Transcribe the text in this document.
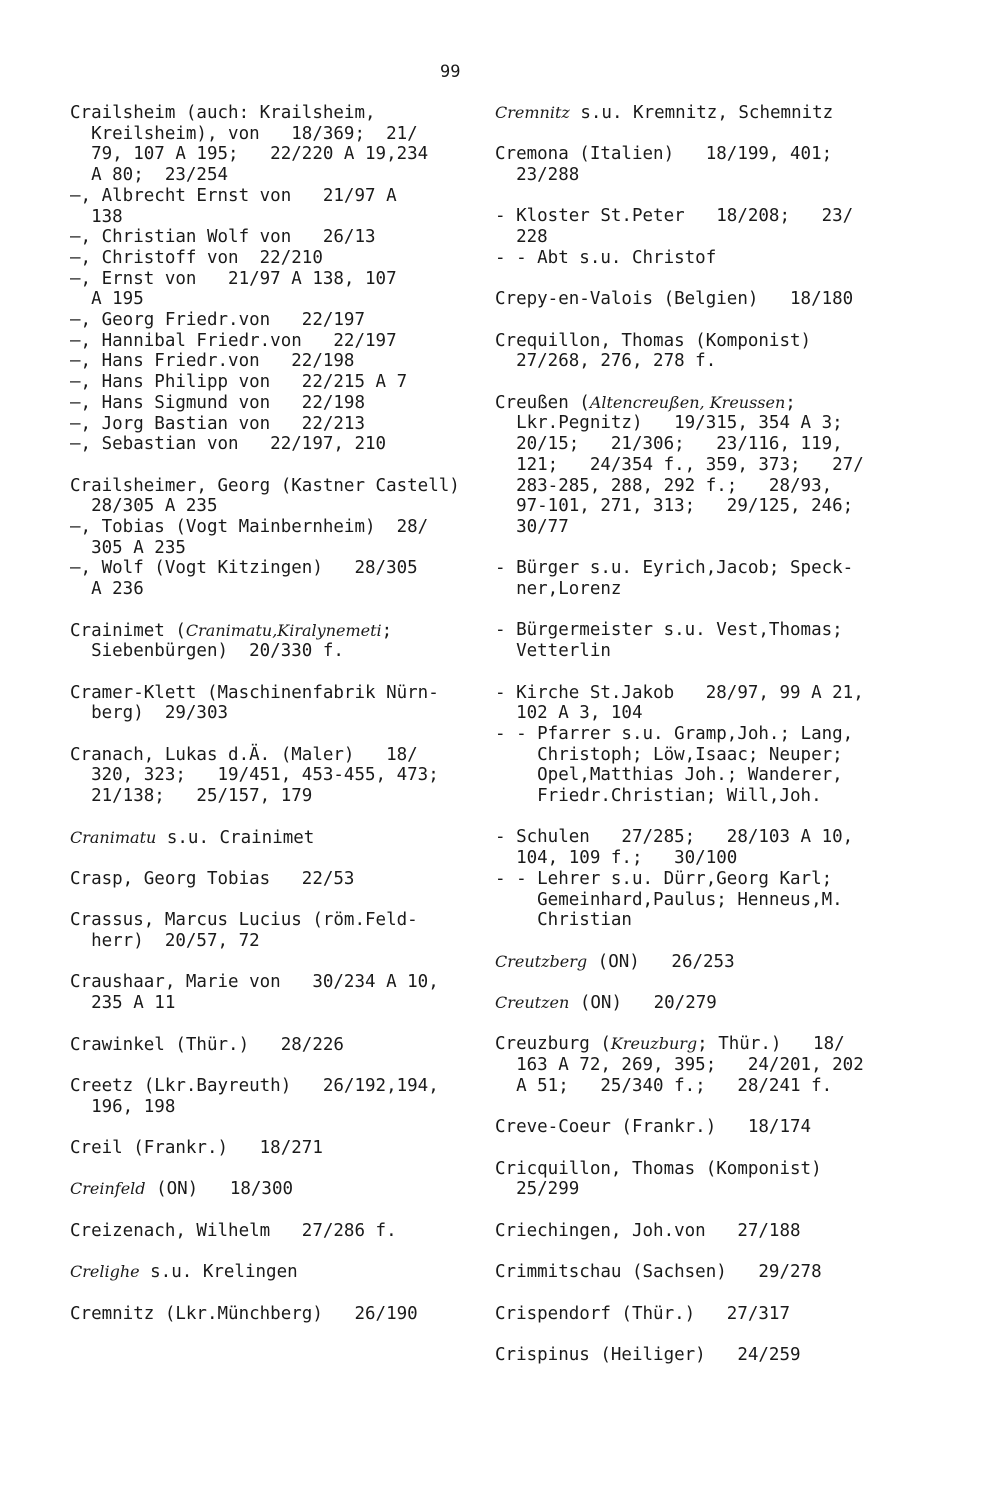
99
Crailsheim (auch: Krailsheim,
Kreilsheim), von   18/369;  21/
79, 107 A 195;   22/220 A 19,234
A 80;  23/254
—, Albrecht Ernst von   21/97 A
138
—, Christian Wolf von   26/13
—, Christoff von  22/210
—, Ernst von   21/97 A 138, 107
A 195
—, Georg Friedr.von   22/197
—, Hannibal Friedr.von   22/197
—, Hans Friedr.von   22/198
—, Hans Philipp von   22/215 A 7
—, Hans Sigmund von   22/198
—, Jorg Bastian von   22/213
—, Sebastian von   22/197, 210
Crailsheimer, Georg (Kastner Castell)
28/305 A 235
—, Tobias (Vogt Mainbernheim)  28/
305 A 235
—, Wolf (Vogt Kitzingen)   28/305
A 236
Crainimet (Cranimatu,Kiralynemeti;
Siebenbürgen)  20/330 f.
Cramer-Klett (Maschinenfabrik Nürn-
berg)  29/303
Cranach, Lukas d.Ä. (Maler)   18/
320, 323;   19/451, 453-455, 473;
21/138;   25/157, 179
Cranimatu s.u. Crainimet
Crasp, Georg Tobias   22/53
Crassus, Marcus Lucius (röm.Feld-
herr)  20/57, 72
Craushaar, Marie von   30/234 A 10,
235 A 11
Crawinkel (Thür.)   28/226
Creetz (Lkr.Bayreuth)   26/192,194,
196, 198
Creil (Frankr.)   18/271
Creinfeld (ON)   18/300
Creizenach, Wilhelm   27/286 f.
Crelighe s.u. Krelingen
Cremnitz (Lkr.Münchberg)   26/190
Cremnitz s.u. Kremnitz, Schemnitz
Cremona (Italien)   18/199, 401;
23/288
- Kloster St.Peter   18/208;   23/
228
- - Abt s.u. Christof
Crepy-en-Valois (Belgien)   18/180
Crequillon, Thomas (Komponist)
27/268, 276, 278 f.
Creußen (Altencreußen, Kreussen;
Lkr.Pegnitz)   19/315, 354 A 3;
20/15;   21/306;   23/116, 119,
121;   24/354 f., 359, 373;   27/
283-285, 288, 292 f.;   28/93,
97-101, 271, 313;   29/125, 246;
30/77
- Bürger s.u. Eyrich,Jacob; Speck-
ner,Lorenz
- Bürgermeister s.u. Vest,Thomas;
Vetterlin
- Kirche St.Jakob   28/97, 99 A 21,
102 A 3, 104
- - Pfarrer s.u. Gramp,Joh.; Lang,
Christoph; Löw,Isaac; Neuper;
Opel,Matthias Joh.; Wanderer,
Friedr.Christian; Will,Joh.
- Schulen   27/285;   28/103 A 10,
104, 109 f.;   30/100
- - Lehrer s.u. Dürr,Georg Karl;
Gemeinhard,Paulus; Henneus,M.
Christian
Creutzberg (ON)   26/253
Creutzen (ON)   20/279
Creuzburg (Kreuzburg; Thür.)   18/
163 A 72, 269, 395;   24/201, 202
A 51;   25/340 f.;   28/241 f.
Creve-Coeur (Frankr.)   18/174
Cricquillon, Thomas (Komponist)
25/299
Criechingen, Joh.von   27/188
Crimmitschau (Sachsen)   29/278
Crispendorf (Thür.)   27/317
Crispinus (Heiliger)   24/259
